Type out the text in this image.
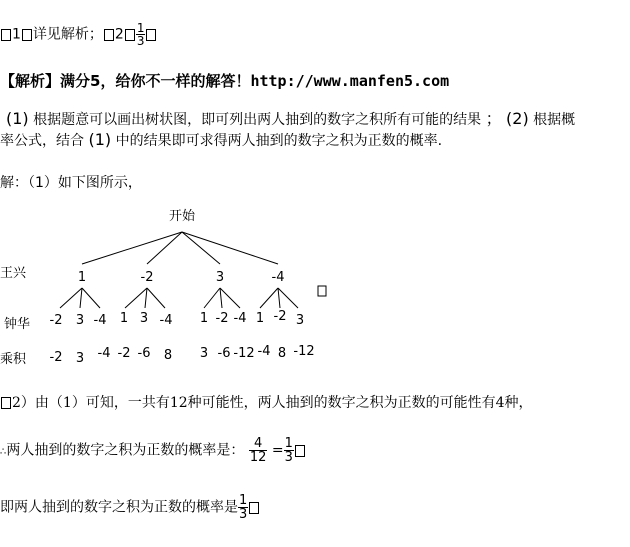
1 详见解析； $2 \frac{1}{3}$
【解析】满分5，给你不一样的解答！http://www.manfen5.com
(1) 根据题意可以画出树状图，即可列出两人抽到的数字之积所有可能的结果 ； (2) 根据概
率公式，结合 (1) 中的结果即可求得两人抽到的数字之积为正数的概率.
解：（1）如下图所示，
开始
王兴	1	-2	3	-4
钟华 -2 3 -4 1 3 -4 1 -2 -4 1 -2 3
乘积 -2 3 -4 -2 -6 8 3 -6 -12 -4 8 -12
2）由（1）可知，一共有12种可能性，两人抽到的数字之积为正数的可能性有4种，
∴两人抽到的数字之积为正数的概率是： $\frac{4}{12} = \frac{1}{3}$
即两人抽到的数字之积为正数的概率是 $\frac{1}{3}$
